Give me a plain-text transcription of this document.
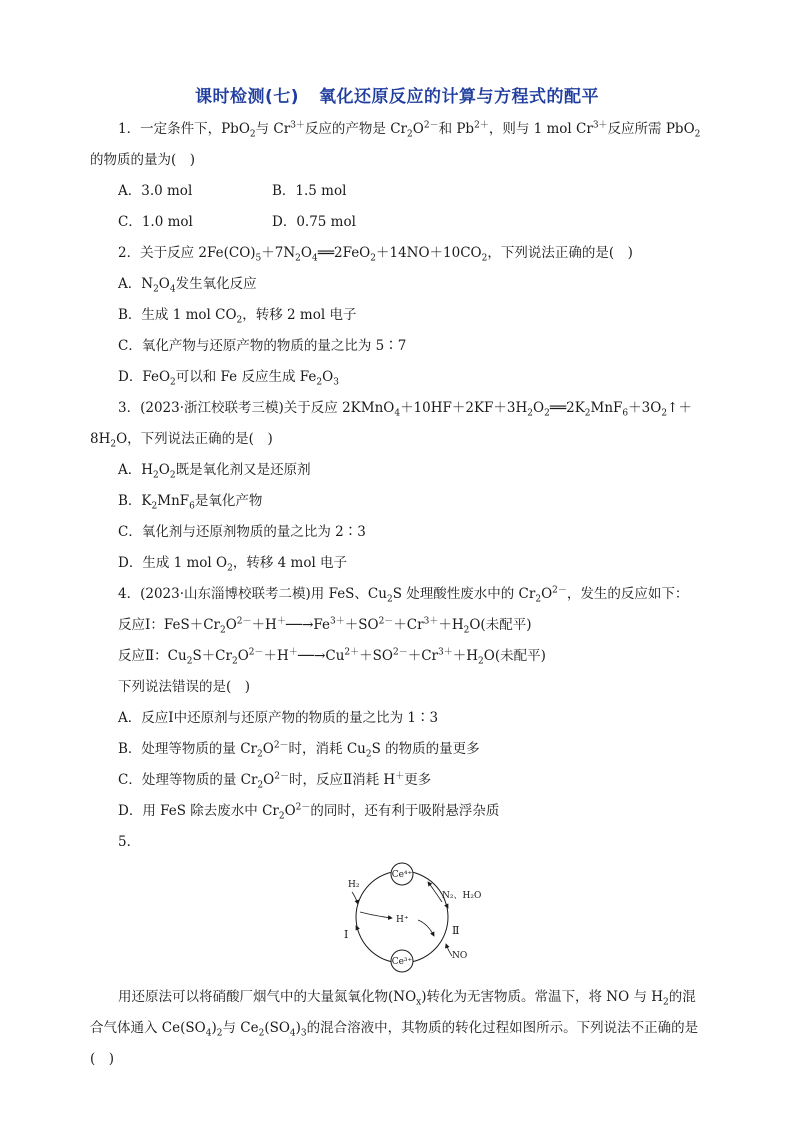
课时检测(七) 氧化还原反应的计算与方程式的配平
1．一定条件下，PbO$_2$与 $Cr^{3+}$反应的产物是 $Cr_2O^{2-}$和 $Pb^{2+}$，则与 1 mol $Cr^{3+}$反应所需 PbO$_2$
的物质的量为(　)
A．3.0 mol	B．1.5 mol
C．1.0 mol	D．0.75 mol
2．关于反应 $2Fe(CO)_5+7N_2O_4══2FeO_2+14NO+10CO_2$，下列说法正确的是(　)
A．$N_2O_4$发生氧化反应
B．生成 1 mol $CO_2$，转移 2 mol 电子
C．氧化产物与还原产物的物质的量之比为 5∶7
D．FeO$_2$可以和 Fe 反应生成 $Fe_2O_3$
3．(2023·浙江校联考三模)关于反应 $2KMnO_4+10HF+2KF+3H_2O_2══2K_2MnF_6+3O_2↑+$
$8H_2O$，下列说法正确的是(　)
A．$H_2O_2$既是氧化剂又是还原剂
B．$K_2MnF_6$是氧化产物
C．氧化剂与还原剂物质的量之比为 2∶3
D．生成 1 mol $O_2$，转移 4 mol 电子
4．(2023·山东淄博校联考二模)用 FeS、$Cu_2S$ 处理酸性废水中的 $Cr_2O^{2-}$，发生的反应如下：
反应Ⅰ：$FeS+Cr_2O^{2-}+H^+──\to Fe^{3+}+SO^{2-}+Cr^{3+}+H_2O$(未配平)
反应Ⅱ：$Cu_2S+Cr_2O^{2-}+H^+──\to Cu^{2+}+SO^{2-}+Cr^{3+}+H_2O$(未配平)
下列说法错误的是(　)
A．反应Ⅰ中还原剂与还原产物的物质的量之比为 1∶3
B．处理等物质的量 $Cr_2O^{2-}$时，消耗 $Cu_2S$ 的物质的量更多
C．处理等物质的量 $Cr_2O^{2-}$时，反应Ⅱ消耗 H＋更多
D．用 FeS 除去废水中 $Cr_2O^{2-}$的同时，还有利于吸附悬浮杂质
5．
Ce⁴⁺
Ce³⁺
H₂
H⁺
N₂、H₂O
NO
Ⅰ	Ⅱ
用还原法可以将硝酸厂烟气中的大量氮氧化物$(NO_x)$转化为无害物质。常温下，将 NO 与 $H_2$的混
合气体通入 $Ce(SO_4)_2$与 $Ce_2(SO_4)_3$的混合溶液中，其物质的转化过程如图所示。下列说法不正确的是
(　)
